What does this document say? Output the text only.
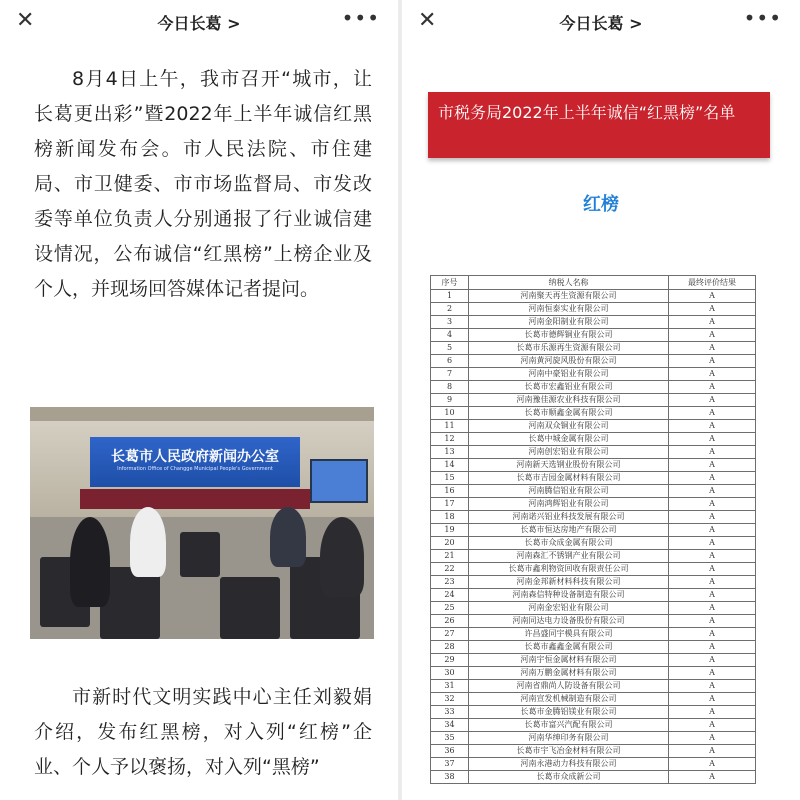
✕	今日长葛 >	•••

8月4日上午，我市召开“城市，让长葛更出彩”暨2022年上半年诚信红黑榜新闻发布会。市人民法院、市住建局、市卫健委、市市场监督局、市发改委等单位负责人分别通报了行业诚信建设情况，公布诚信“红黑榜”上榜企业及个人，并现场回答媒体记者提问。

长葛市人民政府新闻办公室
Information Office of Changge Municipal People's Government

市新时代文明实践中心主任刘毅娟介绍，发布红黑榜，对入列“红榜”企业、个人予以褒扬，对入列“黑榜”

✕	今日长葛 >	•••
市税务局2022年上半年诚信“红黑榜”名单
红榜
序号	纳税人名称	最终评价结果
1	河南聚天再生资源有限公司	A
2	河南恒泰实业有限公司	A
3	河南金阳制业有限公司	A
4	长葛市德辉铜业有限公司	A
5	长葛市乐源再生资源有限公司	A
6	河南黄河旋风股份有限公司	A
7	河南中豪铝业有限公司	A
8	长葛市宏鑫铝业有限公司	A
9	河南豫佳源农业科技有限公司	A
10	长葛市顺鑫金属有限公司	A
11	河南双众铜业有限公司	A
12	长葛中城金属有限公司	A
13	河南创宏铝业有限公司	A
14	河南新天选钢业股份有限公司	A
15	长葛市吉园金属材料有限公司	A
16	河南腾信铝业有限公司	A
17	河南鸿辉铝业有限公司	A
18	河南诺兴铝业科技发展有限公司	A
19	长葛市恒达房地产有限公司	A
20	长葛市众成金属有限公司	A
21	河南森汇不锈钢产业有限公司	A
22	长葛市鑫利物资回收有限责任公司	A
23	河南金邦新材料科技有限公司	A
24	河南森信特种设备制造有限公司	A
25	河南金宏铝业有限公司	A
26	河南同达电力设备股份有限公司	A
27	许昌盛同宇模具有限公司	A
28	长葛市鑫鑫金属有限公司	A
29	河南宇恒金属材料有限公司	A
30	河南万鹏金属材料有限公司	A
31	河南省鼎尚人防设备有限公司	A
32	河南宣发机械制造有限公司	A
33	长葛市金腾铝镁业有限公司	A
34	长葛市富兴汽配有限公司	A
35	河南华绅印务有限公司	A
36	长葛市宇飞冶金材料有限公司	A
37	河南永港动力科技有限公司	A
38	长葛市众成新公司	A
